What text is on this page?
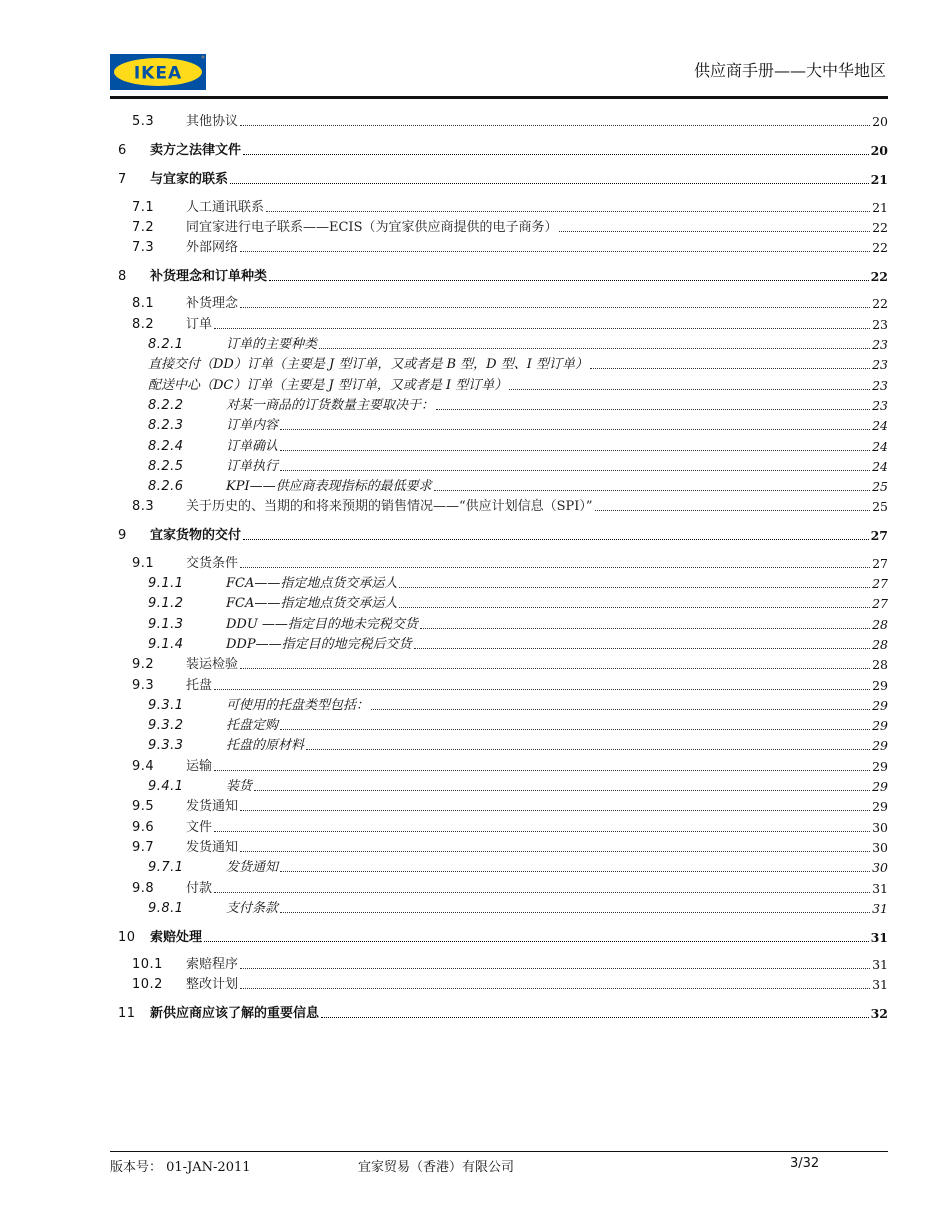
IKEA	供应商手册——大中华地区
5.3	其他协议	20
6	卖方之法律文件	20
7	与宜家的联系	21
7.1	人工通讯联系	21
7.2	同宜家进行电子联系——ECIS（为宜家供应商提供的电子商务）	22
7.3	外部网络	22
8	补货理念和订单种类	22
8.1	补货理念	22
8.2	订单	23
8.2.1	订单的主要种类	23
直接交付（DD）订单（主要是 J 型订单，又或者是 B 型，D 型、I 型订单）	23
配送中心（DC）订单（主要是 J 型订单，又或者是 I 型订单）	23
8.2.2	对某一商品的订货数量主要取决于：	23
8.2.3	订单内容	24
8.2.4	订单确认	24
8.2.5	订单执行	24
8.2.6	KPI——供应商表现指标的最低要求	25
8.3	关于历史的、当期的和将来预期的销售情况——“供应计划信息（SPI）”	25
9	宜家货物的交付	27
9.1	交货条件	27
9.1.1	FCA——指定地点货交承运人	27
9.1.2	FCA——指定地点货交承运人	27
9.1.3	DDU ——指定目的地未完税交货	28
9.1.4	DDP——指定目的地完税后交货	28
9.2	装运检验	28
9.3	托盘	29
9.3.1	可使用的托盘类型包括：	29
9.3.2	托盘定购	29
9.3.3	托盘的原材料	29
9.4	运输	29
9.4.1	装货	29
9.5	发货通知	29
9.6	文件	30
9.7	发货通知	30
9.7.1	发货通知	30
9.8	付款	31
9.8.1	支付条款	31
10	索赔处理	31
10.1	索赔程序	31
10.2	整改计划	31
11	新供应商应该了解的重要信息	32
版本号： 01-JAN-2011	宜家贸易（香港）有限公司	3/32
